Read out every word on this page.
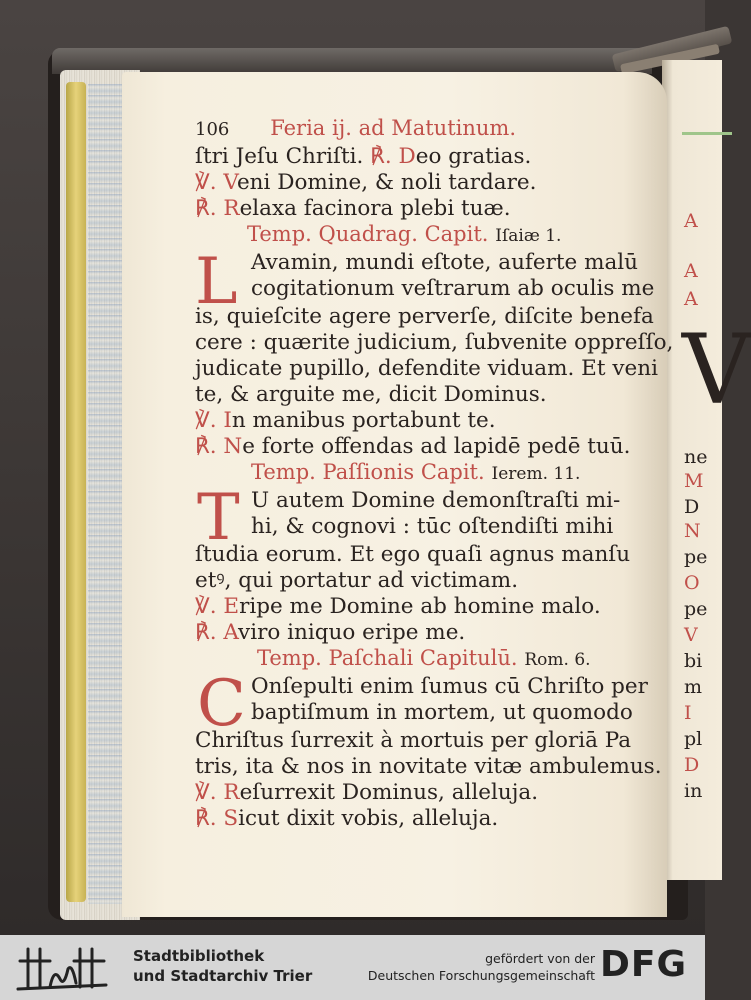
A
A
A
V
ne
M
D
N
pe
O
pe
V
bi
m
I
pl
D
in
106 Feria ij. ad Matutinum.
ſtri Jeſu Chriſti. ℟. Deo gratias.
℣. Veni Domine, & noli tardare.
℟. Relaxa facinora plebi tuæ.
Temp. Quadrag. Capit. Iſaiæ 1.
L Avamin, mundi eſtote, auferte malū
cogitationum veſtrarum ab oculis me
is, quieſcite agere perverſe, diſcite benefa
cere : quærite judicium, ſubvenite oppreſſo,
judicate pupillo, defendite viduam. Et veni
te, & arguite me, dicit Dominus.
℣. In manibus portabunt te.
℟. Ne forte offendas ad lapidē pedē tuū.
Temp. Paſſionis Capit. Ierem. 11.
T U autem Domine demonſtraſti mi-
hi, & cognovi : tūc oſtendiſti mihi
ſtudia eorum. Et ego quaſi agnus manſu
etꝰ, qui portatur ad victimam.
℣. Eripe me Domine ab homine malo.
℟. Aviro iniquo eripe me.
Temp. Paſchali Capitulū. Rom. 6.
C Onſepulti enim ſumus cū Chriſto per
baptiſmum in mortem, ut quomodo
Chriſtus ſurrexit à mortuis per gloriā Pa
tris, ita & nos in novitate vitæ ambulemus.
℣. Reſurrexit Dominus, alleluja.
℟. Sicut dixit vobis, alleluja.
Stadtbibliothek
und Stadtarchiv Trier
gefördert von der
Deutschen Forschungsgemeinschaft DFG
